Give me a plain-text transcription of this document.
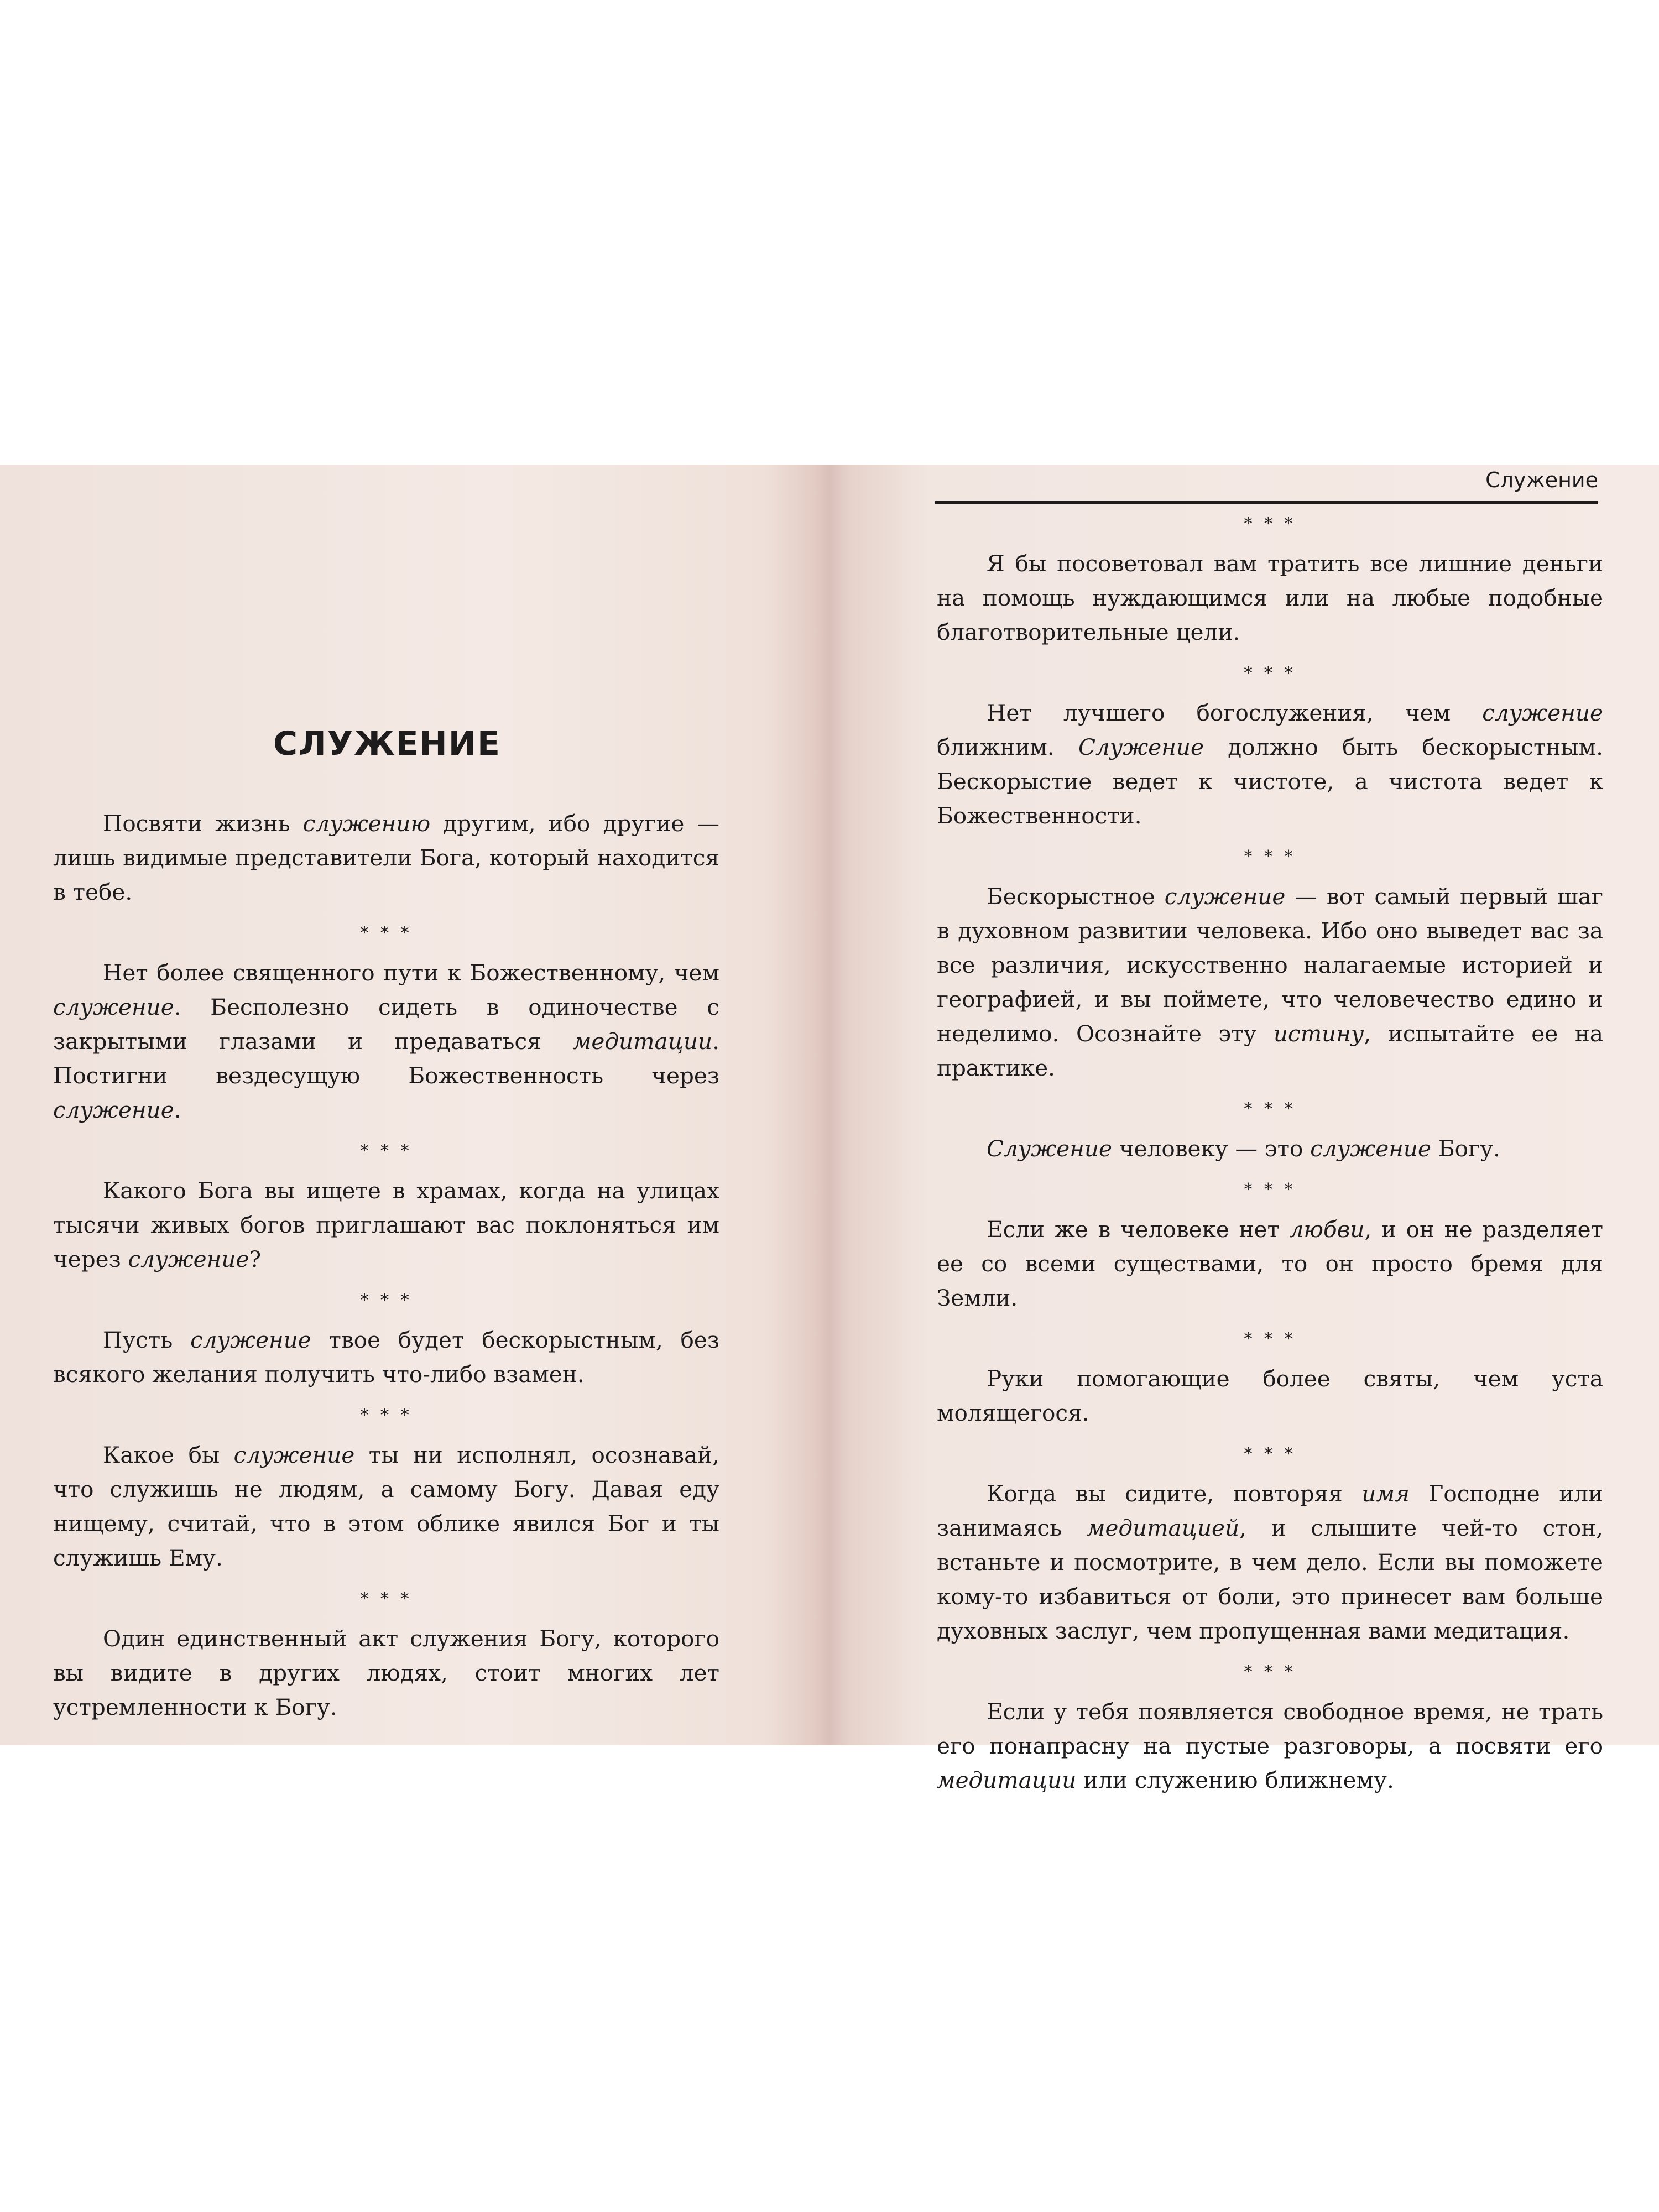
СЛУЖЕНИЕ

Посвяти жизнь служению другим, ибо другие — лишь видимые представители Бога, который находится в тебе.

* * *

Нет более священного пути к Божественному, чем служение. Бесполезно сидеть в одиночестве с закрытыми глазами и предаваться медитации. Постигни вездесущую Божественность через служение.

* * *

Какого Бога вы ищете в храмах, когда на улицах тысячи живых богов приглашают вас поклоняться им через служение?

* * *

Пусть служение твое будет бескорыстным, без всякого желания получить что-либо взамен.

* * *

Какое бы служение ты ни исполнял, осознавай, что служишь не людям, а самому Богу. Давая еду нищему, считай, что в этом облике явился Бог и ты служишь Ему.

* * *

Один единственный акт служения Богу, которого вы видите в других людях, стоит многих лет устремленности к Богу.

Служение
* * *

Я бы посоветовал вам тратить все лишние деньги на помощь нуждающимся или на любые подобные благотворительные цели.

* * *

Нет лучшего богослужения, чем служение ближним. Служение должно быть бескорыстным. Бескорыстие ведет к чистоте, а чистота ведет к Божественности.

* * *

Бескорыстное служение — вот самый первый шаг в духовном развитии человека. Ибо оно выведет вас за все различия, искусственно налагаемые историей и географией, и вы поймете, что человечество едино и неделимо. Осознайте эту истину, испытайте ее на практике.

* * *

Служение человеку — это служение Богу.

* * *

Если же в человеке нет любви, и он не разделяет ее со всеми существами, то он просто бремя для Земли.

* * *

Руки помогающие более святы, чем уста молящегося.

* * *

Когда вы сидите, повторяя имя Господне или занимаясь медитацией, и слышите чей-то стон, встаньте и посмотрите, в чем дело. Если вы поможете кому-то избавиться от боли, это принесет вам больше духовных заслуг, чем пропущенная вами медитация.

* * *

Если у тебя появляется свободное время, не трать его понапрасну на пустые разговоры, а посвяти его медитации или служению ближнему.
